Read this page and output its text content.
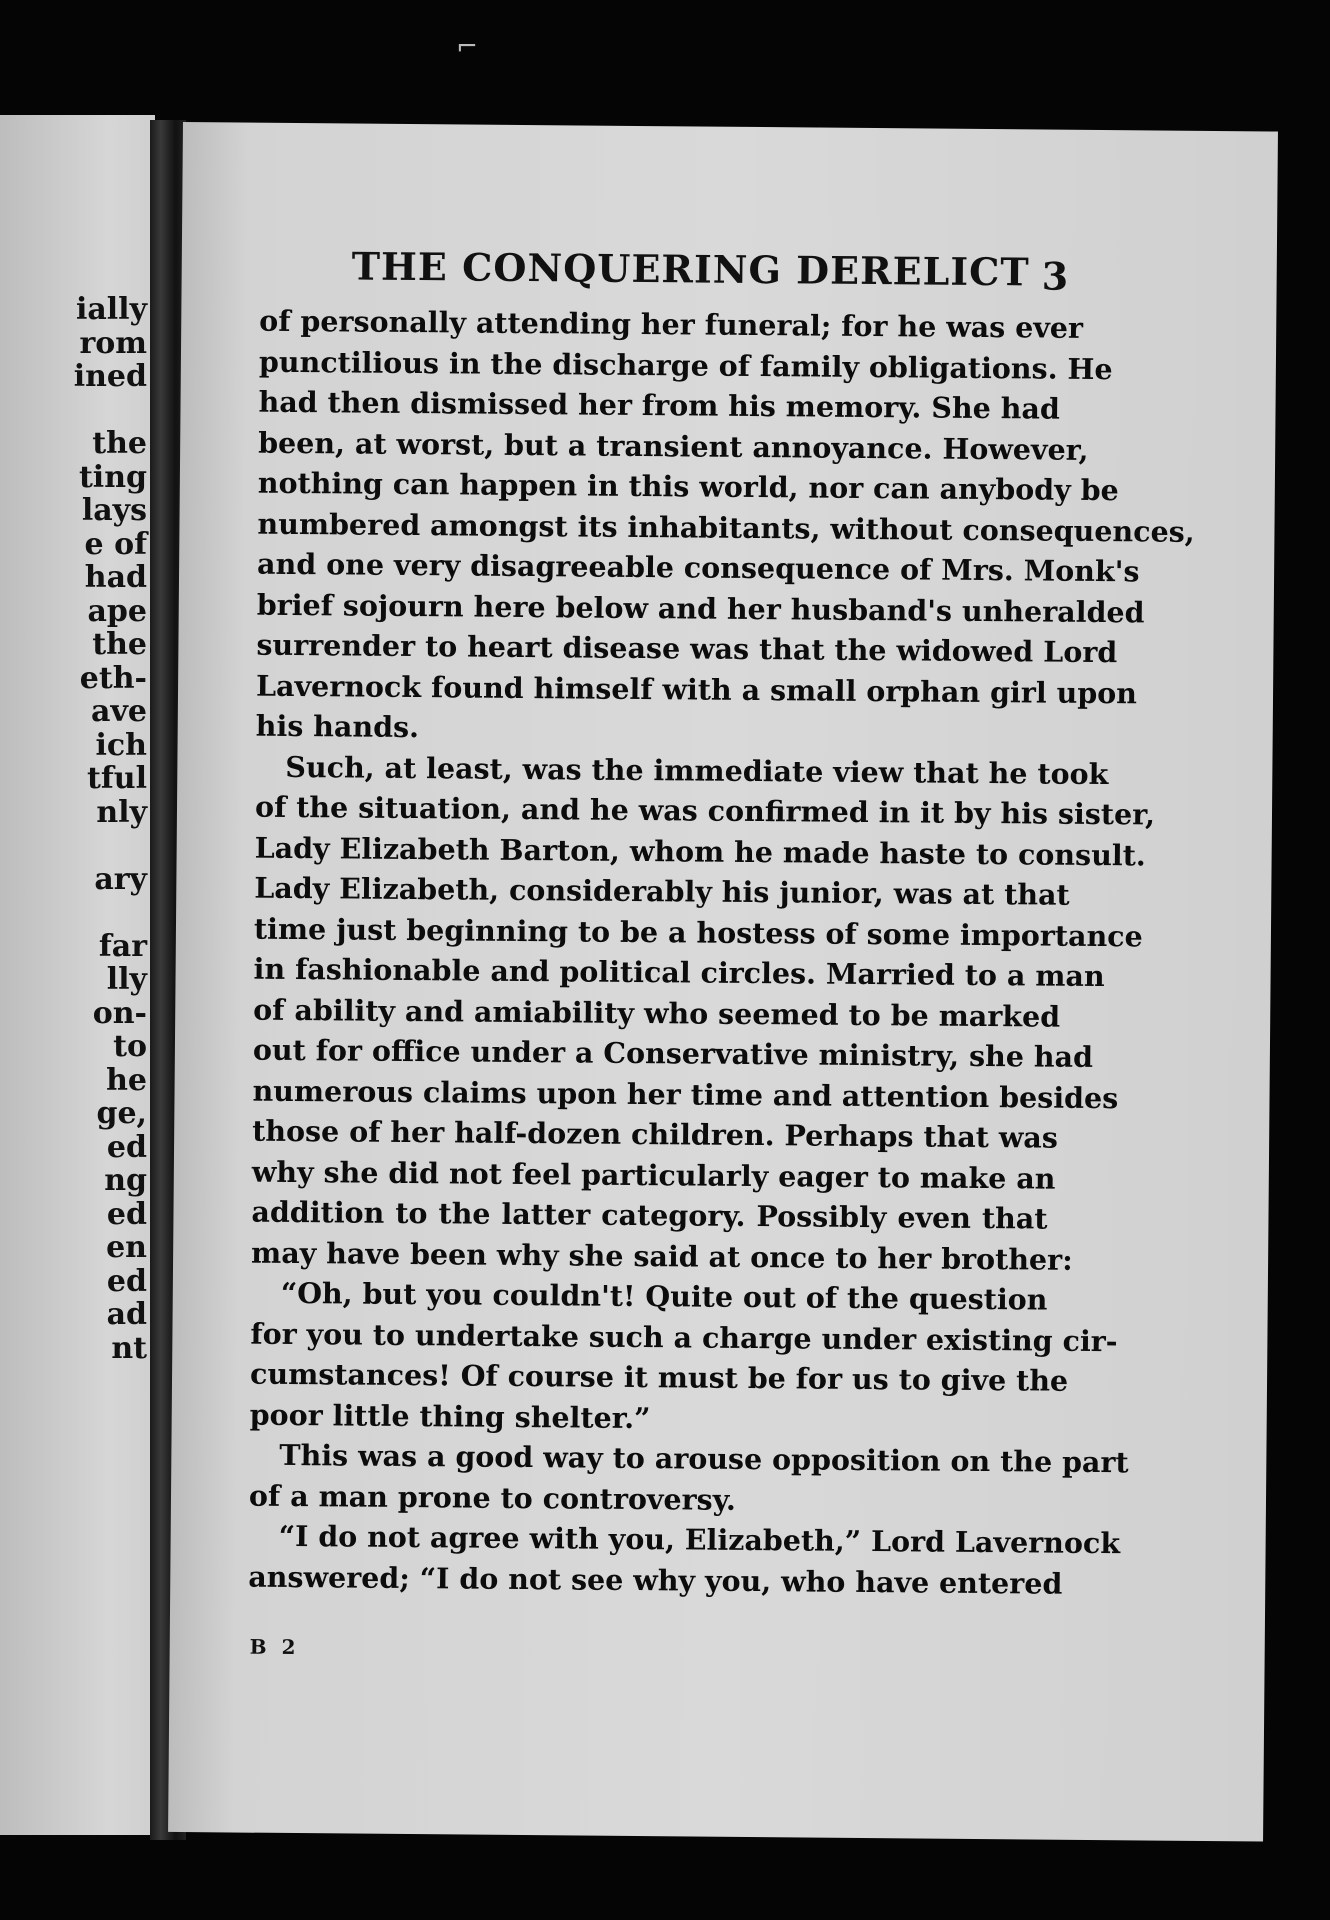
⌐
ially
rom
ined
the
ting
lays
e of
had
ape
the
eth-
ave
ich
tful
nly
ary
far
lly
on-
to
he
ge,
ed
ng
ed
en
ed
ad
nt
THE CONQUERING DERELICT 3
of personally attending her funeral; for he was ever
punctilious in the discharge of family obligations. He
had then dismissed her from his memory. She had
been, at worst, but a transient annoyance. However,
nothing can happen in this world, nor can anybody be
numbered amongst its inhabitants, without consequences,
and one very disagreeable consequence of Mrs. Monk's
brief sojourn here below and her husband's unheralded
surrender to heart disease was that the widowed Lord
Lavernock found himself with a small orphan girl upon
his hands.
Such, at least, was the immediate view that he took
of the situation, and he was confirmed in it by his sister,
Lady Elizabeth Barton, whom he made haste to consult.
Lady Elizabeth, considerably his junior, was at that
time just beginning to be a hostess of some importance
in fashionable and political circles. Married to a man
of ability and amiability who seemed to be marked
out for office under a Conservative ministry, she had
numerous claims upon her time and attention besides
those of her half-dozen children. Perhaps that was
why she did not feel particularly eager to make an
addition to the latter category. Possibly even that
may have been why she said at once to her brother:
“Oh, but you couldn't! Quite out of the question
for you to undertake such a charge under existing cir-
cumstances! Of course it must be for us to give the
poor little thing shelter.”
This was a good way to arouse opposition on the part
of a man prone to controversy.
“I do not agree with you, Elizabeth,” Lord Lavernock
answered; “I do not see why you, who have entered
B 2
